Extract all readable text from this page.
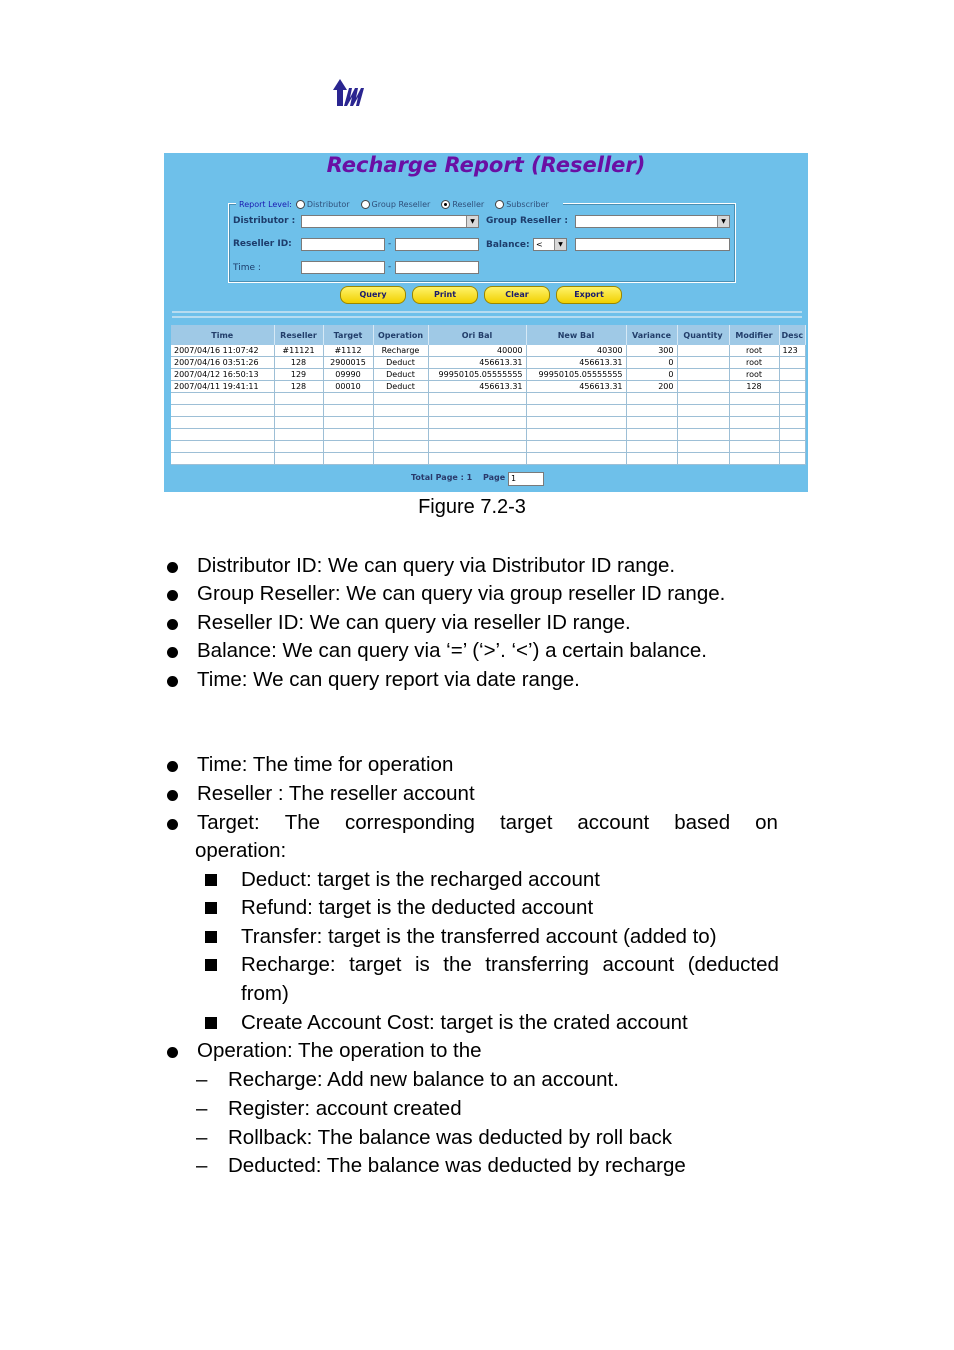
Recharge Report (Reseller)
Report Level: Distributor	Group Reseller	Reseller	Subscriber
Distributor :	▼	Group Reseller :	▼
Reseller ID:	-	Balance: <	▼
Time :	-
Query	Print	Clear	Export
Time	Reseller	Target	Operation	Ori Bal	New Bal	Variance	Quantity	Modifier	Desc
2007/04/16 11:07:42	#11121	#1112	Recharge	40000	40300	300		root	123
2007/04/16 03:51:26	128	2900015	Deduct	456613.31	456613.31	0		root	
2007/04/12 16:50:13	129	09990	Deduct	99950105.05555555	99950105.05555555	0		root	
2007/04/11 19:41:11	128	00010	Deduct	456613.31	456613.31	200		128	

Total Page : 1 Page 1
Figure 7.2-3
Distributor ID: We can query via Distributor ID range.
Group Reseller: We can query via group reseller ID range.
Reseller ID: We can query via reseller ID range.
Balance: We can query via ‘=’ (‘>’. ‘<’) a certain balance.
Time: We can query report via date range.
Time: The time for operation
Reseller : The reseller account
Target: The corresponding target account based on
operation:
Deduct: target is the recharged account
Refund: target is the deducted account
Transfer: target is the transferred account (added to)
Recharge: target is the transferring account (deducted
from)
Create Account Cost: target is the crated account
Operation: The operation to the
– Recharge: Add new balance to an account.
– Register: account created
– Rollback: The balance was deducted by roll back
– Deducted: The balance was deducted by recharge
